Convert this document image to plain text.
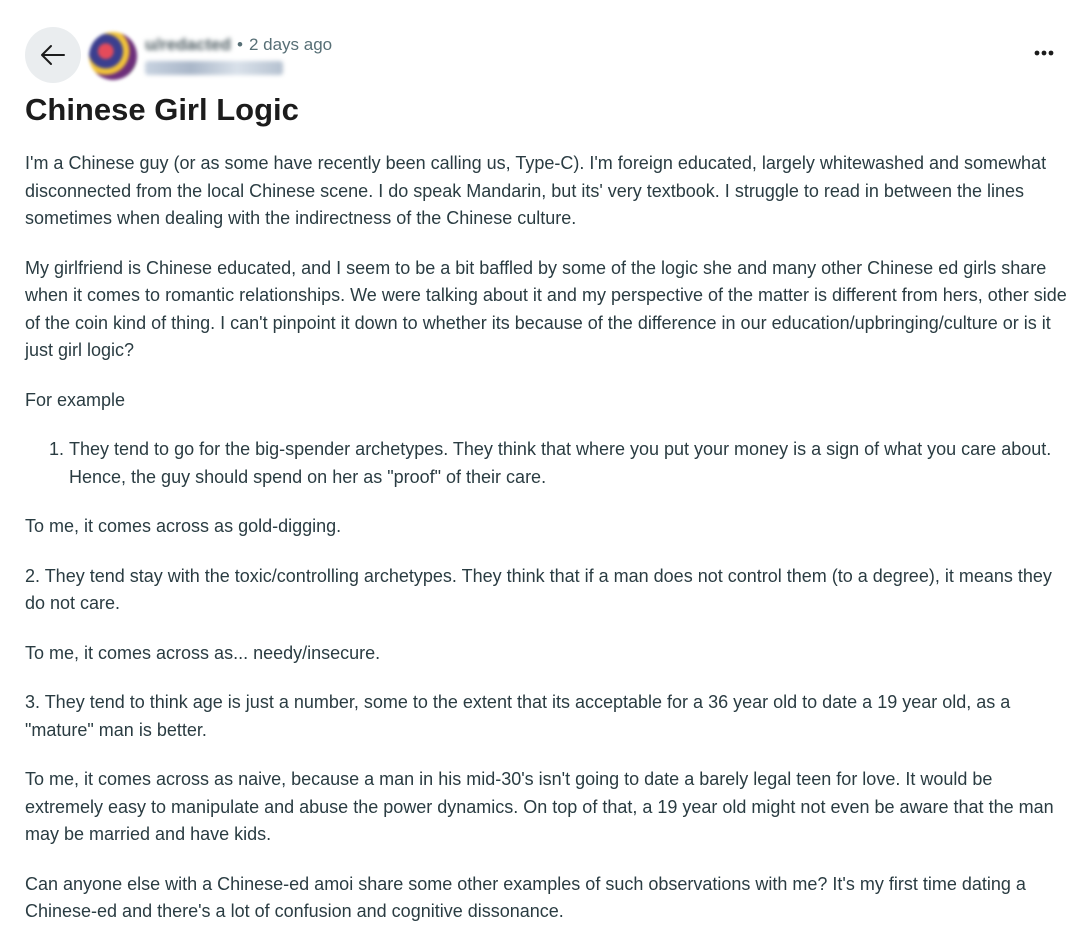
u/redacted • 2 days ago
Chinese Girl Logic

I'm a Chinese guy (or as some have recently been calling us, Type-C). I'm foreign educated, largely whitewashed and somewhat disconnected from the local Chinese scene. I do speak Mandarin, but its' very textbook. I struggle to read in between the lines sometimes when dealing with the indirectness of the Chinese culture.

My girlfriend is Chinese educated, and I seem to be a bit baffled by some of the logic she and many other Chinese ed girls share when it comes to romantic relationships. We were talking about it and my perspective of the matter is different from hers, other side of the coin kind of thing. I can't pinpoint it down to whether its because of the difference in our education/upbringing/culture or is it just girl logic?

For example

1. They tend to go for the big-spender archetypes. They think that where you put your money is a sign of what you care about. Hence, the guy should spend on her as "proof" of their care.

To me, it comes across as gold-digging.

2. They tend stay with the toxic/controlling archetypes. They think that if a man does not control them (to a degree), it means they do not care.

To me, it comes across as... needy/insecure.

3. They tend to think age is just a number, some to the extent that its acceptable for a 36 year old to date a 19 year old, as a "mature" man is better.

To me, it comes across as naive, because a man in his mid-30's isn't going to date a barely legal teen for love. It would be extremely easy to manipulate and abuse the power dynamics. On top of that, a 19 year old might not even be aware that the man may be married and have kids.

Can anyone else with a Chinese-ed amoi share some other examples of such observations with me? It's my first time dating a Chinese-ed and there's a lot of confusion and cognitive dissonance.
